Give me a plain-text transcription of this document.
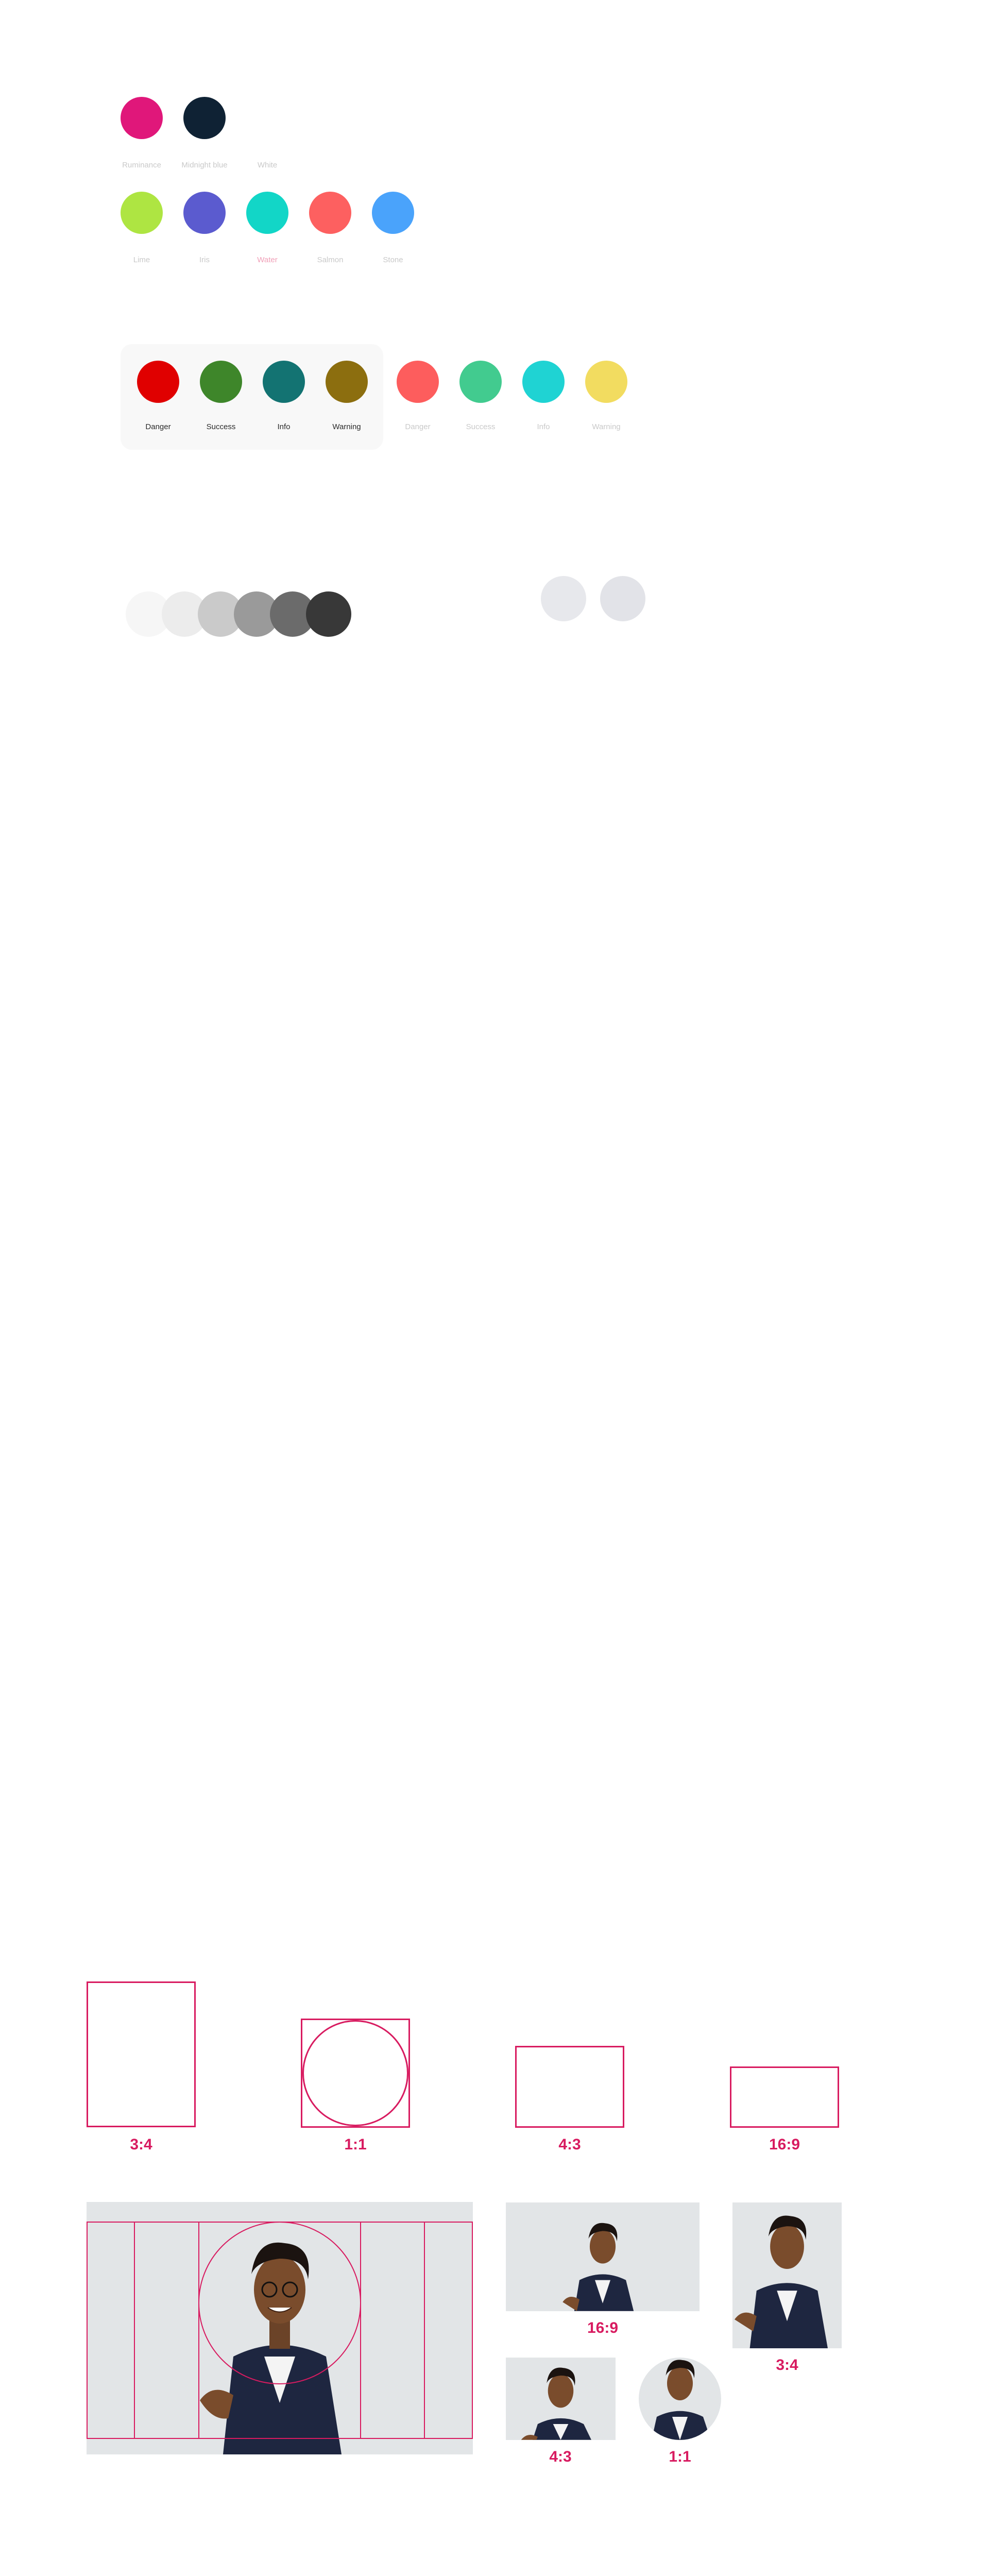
Ruminance	Midnight blue	White
Lime	Iris	Water	Salmon	Stone
Danger	Success	Info	Warning	Danger	Success	Info	Warning
3:4	1:1	4:3	16:9
16:9
3:4
4:3	1:1
